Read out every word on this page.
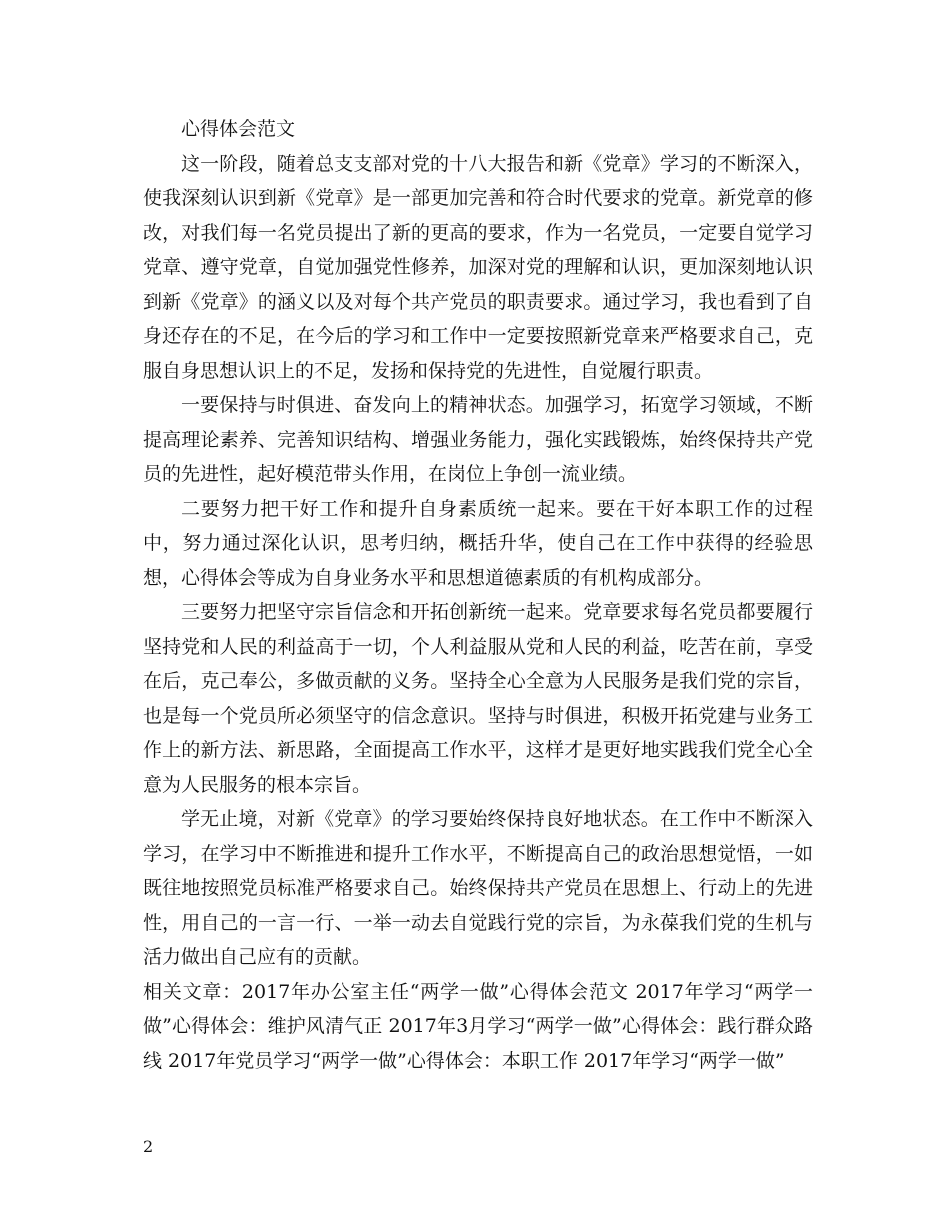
心得体会范文

这一阶段，随着总支支部对党的十八大报告和新《党章》学习的不断深入，使我深刻认识到新《党章》是一部更加完善和符合时代要求的党章。新党章的修改，对我们每一名党员提出了新的更高的要求，作为一名党员，一定要自觉学习党章、遵守党章，自觉加强党性修养，加深对党的理解和认识，更加深刻地认识到新《党章》的涵义以及对每个共产党员的职责要求。通过学习，我也看到了自身还存在的不足，在今后的学习和工作中一定要按照新党章来严格要求自己，克服自身思想认识上的不足，发扬和保持党的先进性，自觉履行职责。

一要保持与时俱进、奋发向上的精神状态。加强学习，拓宽学习领域，不断提高理论素养、完善知识结构、增强业务能力，强化实践锻炼，始终保持共产党员的先进性，起好模范带头作用，在岗位上争创一流业绩。

二要努力把干好工作和提升自身素质统一起来。要在干好本职工作的过程中，努力通过深化认识，思考归纳，概括升华，使自己在工作中获得的经验思想，心得体会等成为自身业务水平和思想道德素质的有机构成部分。

三要努力把坚守宗旨信念和开拓创新统一起来。党章要求每名党员都要履行坚持党和人民的利益高于一切，个人利益服从党和人民的利益，吃苦在前，享受在后，克己奉公，多做贡献的义务。坚持全心全意为人民服务是我们党的宗旨，也是每一个党员所必须坚守的信念意识。坚持与时俱进，积极开拓党建与业务工作上的新方法、新思路，全面提高工作水平，这样才是更好地实践我们党全心全意为人民服务的根本宗旨。

学无止境，对新《党章》的学习要始终保持良好地状态。在工作中不断深入学习，在学习中不断推进和提升工作水平，不断提高自己的政治思想觉悟，一如既往地按照党员标准严格要求自己。始终保持共产党员在思想上、行动上的先进性，用自己的一言一行、一举一动去自觉践行党的宗旨，为永葆我们党的生机与活力做出自己应有的贡献。

相关文章：2017年办公室主任“两学一做”心得体会范文 2017年学习“两学一做”心得体会：维护风清气正 2017年3月学习“两学一做”心得体会：践行群众路线 2017年党员学习“两学一做”心得体会：本职工作 2017年学习“两学一做”

2
